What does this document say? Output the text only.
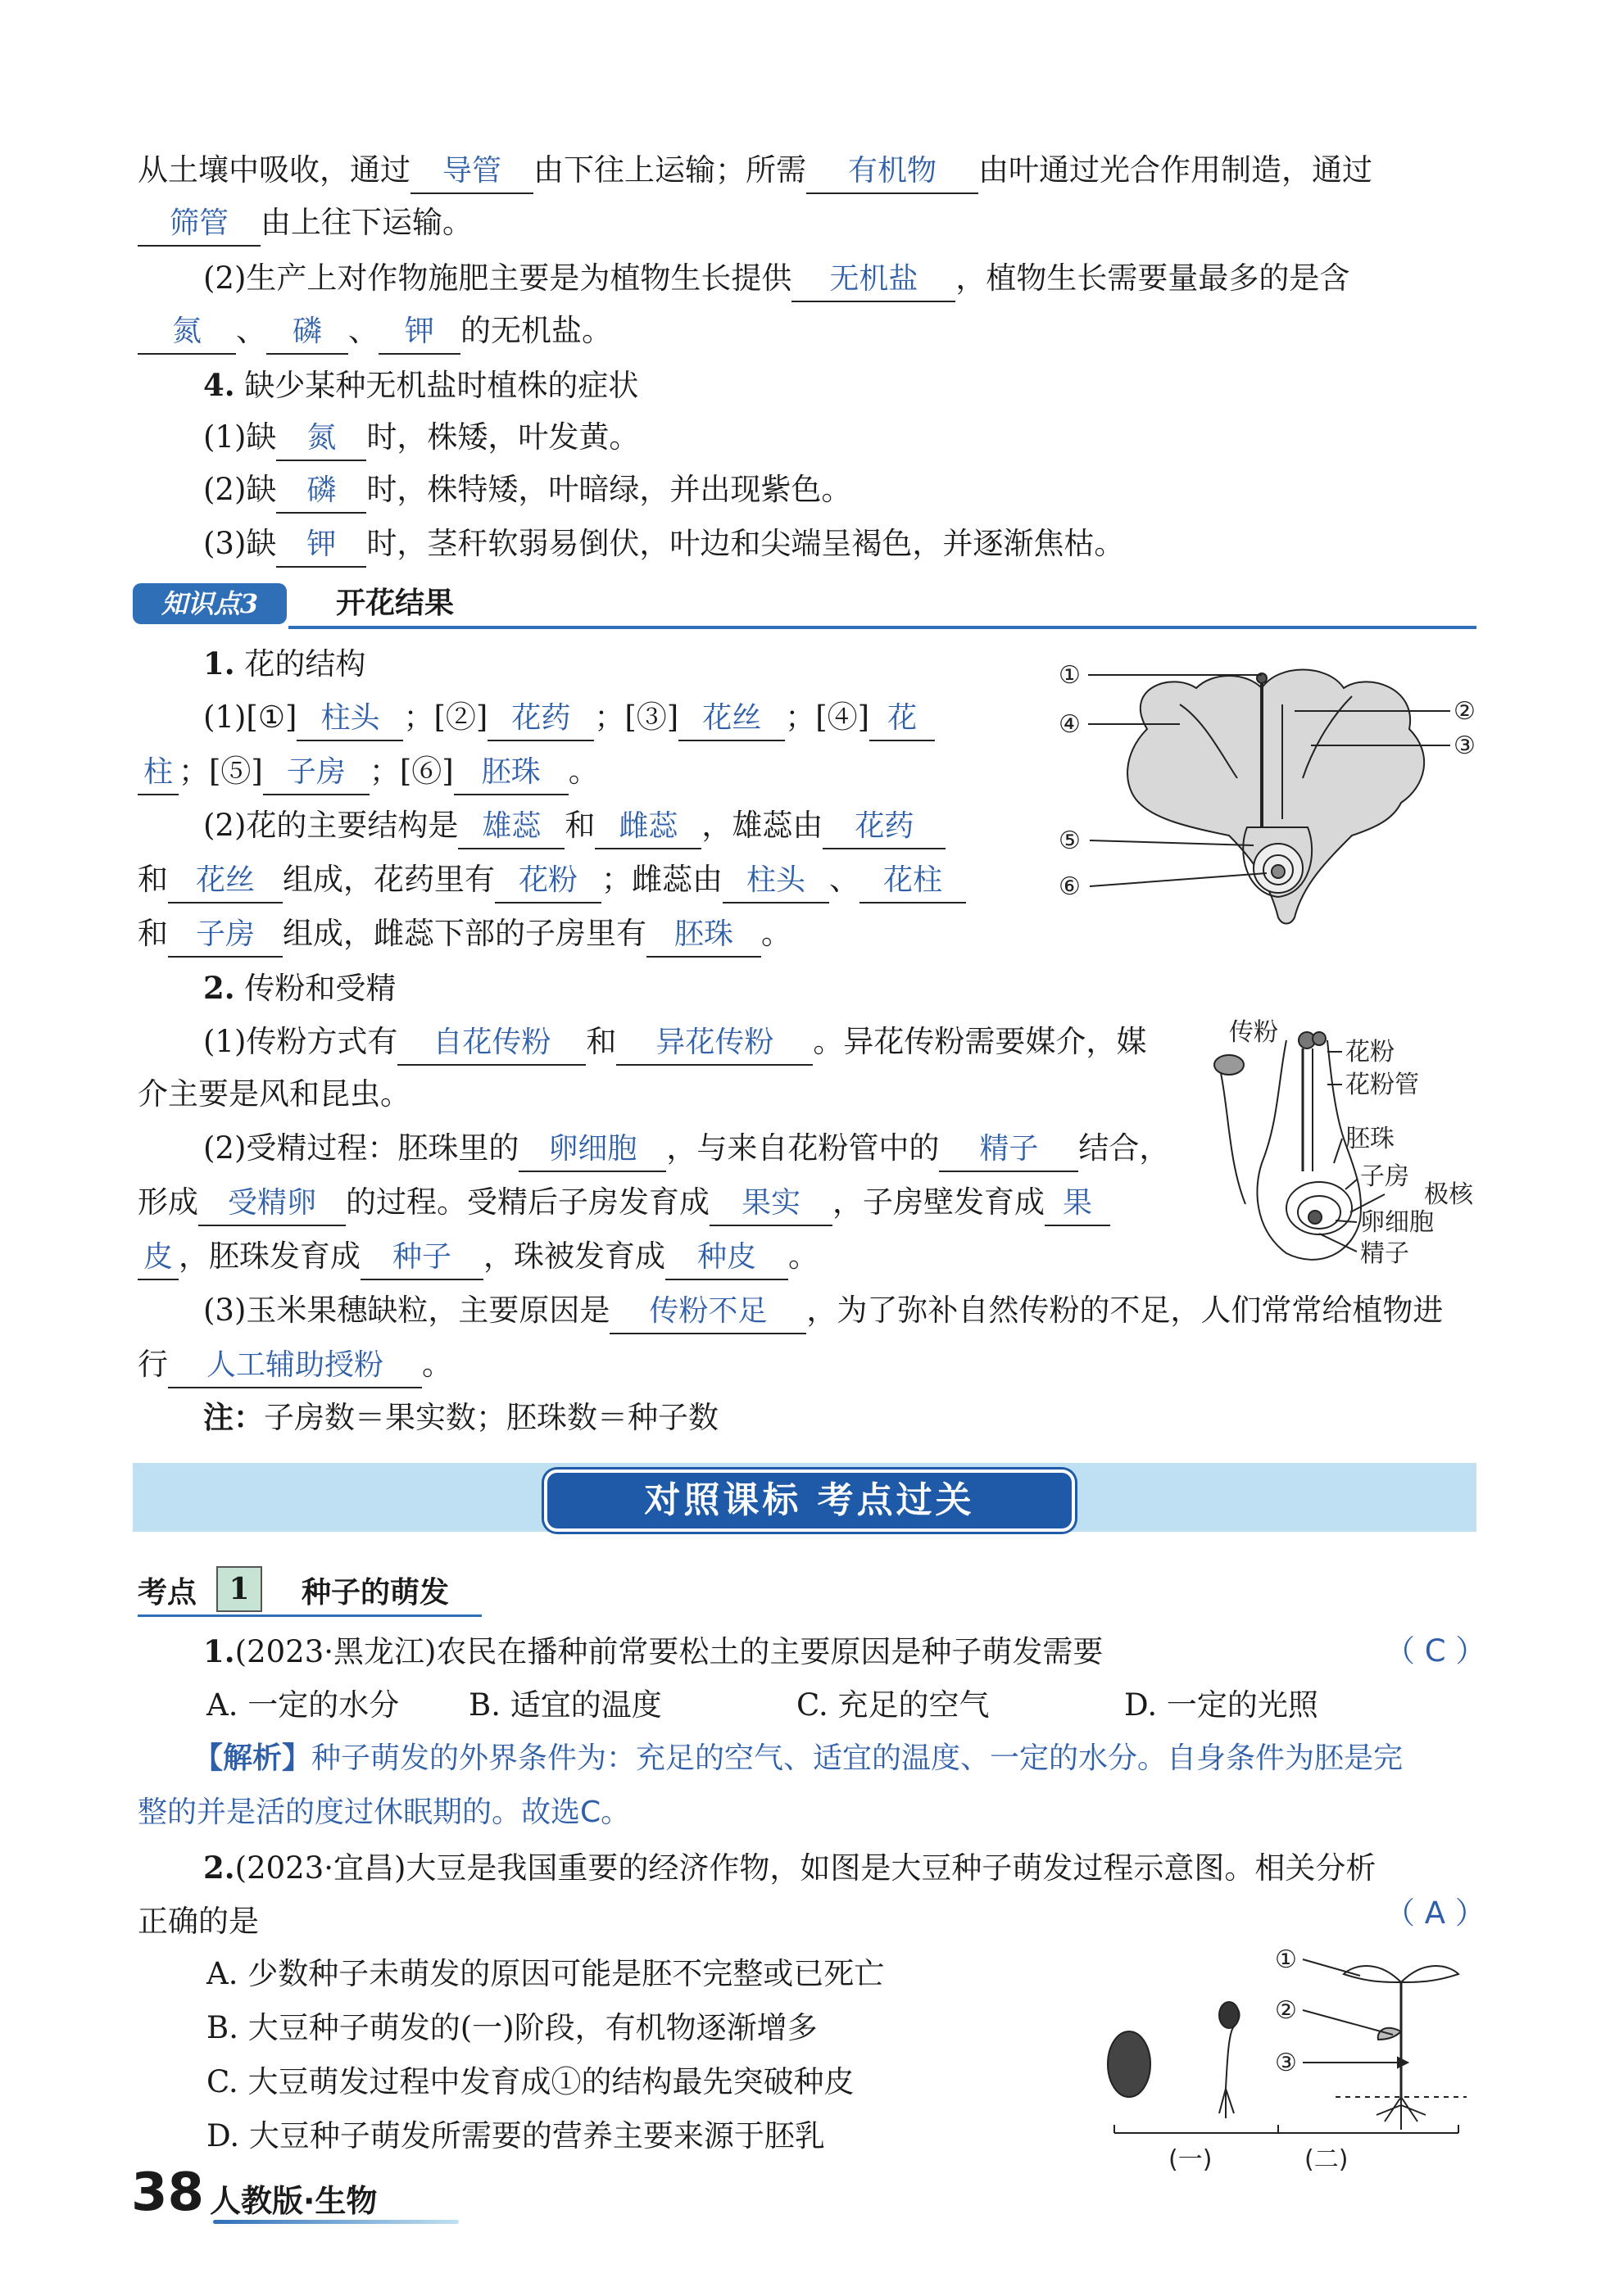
从土壤中吸收，通过 导管 由下往上运输；所需 有机物 由叶通过光合作用制造，通过
筛管 由上往下运输。
(2)生产上对作物施肥主要是为植物生长提供 无机盐 ，植物生长需要量最多的是含
氮 、 磷 、 钾 的无机盐。
4. 缺少某种无机盐时植株的症状
(1)缺 氮 时，株矮，叶发黄。
(2)缺 磷 时，株特矮，叶暗绿，并出现紫色。
(3)缺 钾 时，茎秆软弱易倒伏，叶边和尖端呈褐色，并逐渐焦枯。
知识点3	开花结果
1. 花的结构
(1)[①] 柱头 ；[②] 花药 ；[③] 花丝 ；[④] 花
柱 ；[⑤] 子房 ；[⑥] 胚珠 。
(2)花的主要结构是 雄蕊 和 雌蕊 ，雄蕊由 花药
和 花丝 组成，花药里有 花粉 ；雌蕊由 柱头 、 花柱
和 子房 组成，雌蕊下部的子房里有 胚珠 。
①
②
③
④
⑤
⑥
2. 传粉和受精
(1)传粉方式有 自花传粉 和 异花传粉 。异花传粉需要媒介，媒
介主要是风和昆虫。
(2)受精过程：胚珠里的 卵细胞 ，与来自花粉管中的 精子 结合，
形成 受精卵 的过程。受精后子房发育成 果实 ，子房壁发育成 果
皮 ，胚珠发育成 种子 ，珠被发育成 种皮 。
(3)玉米果穗缺粒，主要原因是 传粉不足 ，为了弥补自然传粉的不足，人们常常给植物进
行 人工辅助授粉 。
注：子房数＝果实数；胚珠数＝种子数
传粉
花粉
花粉管
胚珠
子房
极核
卵细胞
精子
对照课标 考点过关
考点	1	种子的萌发
1.(2023·黑龙江)农民在播种前常要松土的主要原因是种子萌发需要	（ C ）
A. 一定的水分 B. 适宜的温度	C. 充足的空气	D. 一定的光照
【解析】种子萌发的外界条件为：充足的空气、适宜的温度、一定的水分。自身条件为胚是完
整的并是活的度过休眠期的。故选C。
2.(2023·宜昌)大豆是我国重要的经济作物，如图是大豆种子萌发过程示意图。相关分析
正确的是	（ A ）
A. 少数种子未萌发的原因可能是胚不完整或已死亡
B. 大豆种子萌发的(一)阶段，有机物逐渐增多
C. 大豆萌发过程中发育成①的结构最先突破种皮
D. 大豆种子萌发所需要的营养主要来源于胚乳
①
②
③
(一)	(二)
38 人教版·生物
